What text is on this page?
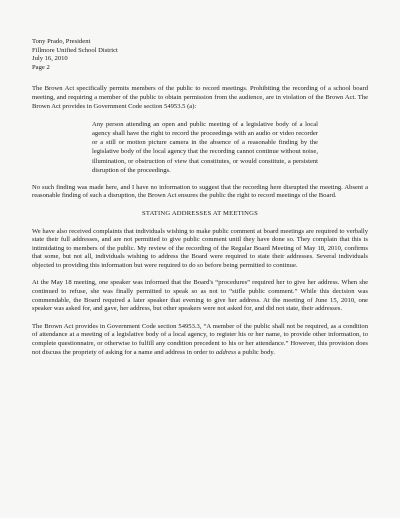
Tony Prado, President
Fillmore Unified School District
July 16, 2010
Page 2

The Brown Act specifically permits members of the public to record meetings. Prohibiting the recording of a school board meeting, and requiring a member of the public to obtain permission from the audience, are in violation of the Brown Act. The Brown Act provides in Government Code section 54953.5 (a):

Any person attending an open and public meeting of a legislative body of a local agency shall have the right to record the proceedings with an audio or video recorder or a still or motion picture camera in the absence of a reasonable finding by the legislative body of the local agency that the recording cannot continue without noise, illumination, or obstruction of view that constitutes, or would constitute, a persistent disruption of the proceedings.

No such finding was made here, and I have no information to suggest that the recording here disrupted the meeting. Absent a reasonable finding of such a disruption, the Brown Act ensures the public the right to record meetings of the Board.

STATING ADDRESSES AT MEETINGS

We have also received complaints that individuals wishing to make public comment at board meetings are required to verbally state their full addresses, and are not permitted to give public comment until they have done so. They complain that this is intimidating to members of the public. My review of the recording of the Regular Board Meeting of May 18, 2010, confirms that some, but not all, individuals wishing to address the Board were required to state their addresses. Several individuals objected to providing this information but were required to do so before being permitted to continue.

At the May 18 meeting, one speaker was informed that the Board's “procedures” required her to give her address. When she continued to refuse, she was finally permitted to speak so as not to “stifle public comment.” While this decision was commendable, the Board required a later speaker that evening to give her address. At the meeting of June 15, 2010, one speaker was asked for, and gave, her address, but other speakers were not asked for, and did not state, their addresses.

The Brown Act provides in Government Code section 54953.3, “A member of the public shall not be required, as a condition of attendance at a meeting of a legislative body of a local agency, to register his or her name, to provide other information, to complete questionnaire, or otherwise to fulfill any condition precedent to his or her attendance.” However, this provision does not discuss the propriety of asking for a name and address in order to address a public body.
